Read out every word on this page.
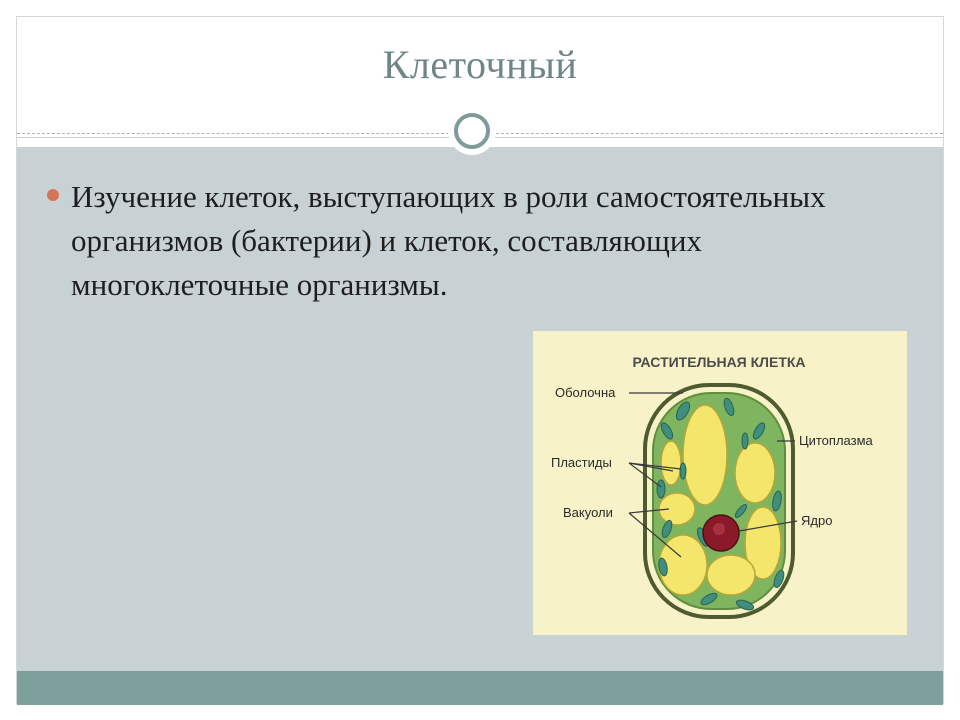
Клеточный
Изучение клеток, выступающих в роли самостоятельных организмов (бактерии) и клеток, составляющих многоклеточные организмы.
РАСТИТЕЛЬНАЯ КЛЕТКА
Оболочна
Пластиды
Вакуоли
Цитоплазма
Ядро
